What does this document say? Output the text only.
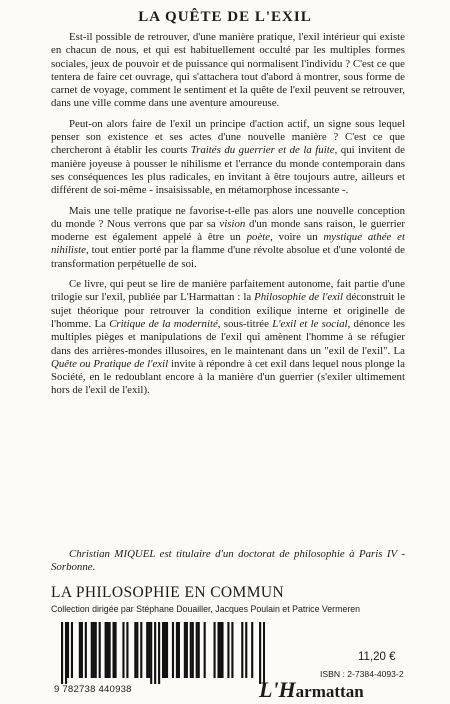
LA QUÊTE DE L'EXIL

Est-il possible de retrouver, d'une manière pratique, l'exil intérieur qui existe en chacun de nous, et qui est habituellement occulté par les multiples formes sociales, jeux de pouvoir et de puissance qui normalisent l'individu ? C'est ce que tentera de faire cet ouvrage, qui s'attachera tout d'abord à montrer, sous forme de carnet de voyage, comment le sentiment et la quête de l'exil peuvent se retrouver, dans une ville comme dans une aventure amoureuse.

Peut-on alors faire de l'exil un principe d'action actif, un signe sous lequel penser son existence et ses actes d'une nouvelle manière ? C'est ce que chercheront à établir les courts Traités du guerrier et de la fuite, qui invitent de manière joyeuse à pousser le nihilisme et l'errance du monde contemporain dans ses conséquences les plus radicales, en invitant à être toujours autre, ailleurs et différent de soi-même - insaisissable, en métamorphose incessante -.

Mais une telle pratique ne favorise-t-elle pas alors une nouvelle conception du monde ? Nous verrons que par sa vision d'un monde sans raison, le guerrier moderne est également appelé à être un poète, voire un mystique athée et nihiliste, tout entier porté par la flamme d'une révolte absolue et d'une volonté de transformation perpétuelle de soi.

Ce livre, qui peut se lire de manière parfaitement autonome, fait partie d'une trilogie sur l'exil, publiée par L'Harmattan : la Philosophie de l'exil déconstruit le sujet théorique pour retrouver la condition exilique interne et originelle de l'homme. La Critique de la modernité, sous-titrée L'exil et le social, dénonce les multiples pièges et manipulations de l'exil qui amènent l'homme à se réfugier dans des arrières-mondes illusoires, en le maintenant dans un "exil de l'exil". La Quête ou Pratique de l'exil invite à répondre à cet exil dans lequel nous plonge la Société, en le redoublant encore à la manière d'un guerrier (s'exiler ultimement hors de l'exil de l'exil).

Christian MIQUEL est titulaire d'un doctorat de philosophie à Paris IV - Sorbonne.
LA PHILOSOPHIE EN COMMUN
Collection dirigée par Stéphane Douailler, Jacques Poulain et Patrice Vermeren
9 782738 440938
11,20 €
ISBN : 2-7384-4093-2
L'Harmattan
